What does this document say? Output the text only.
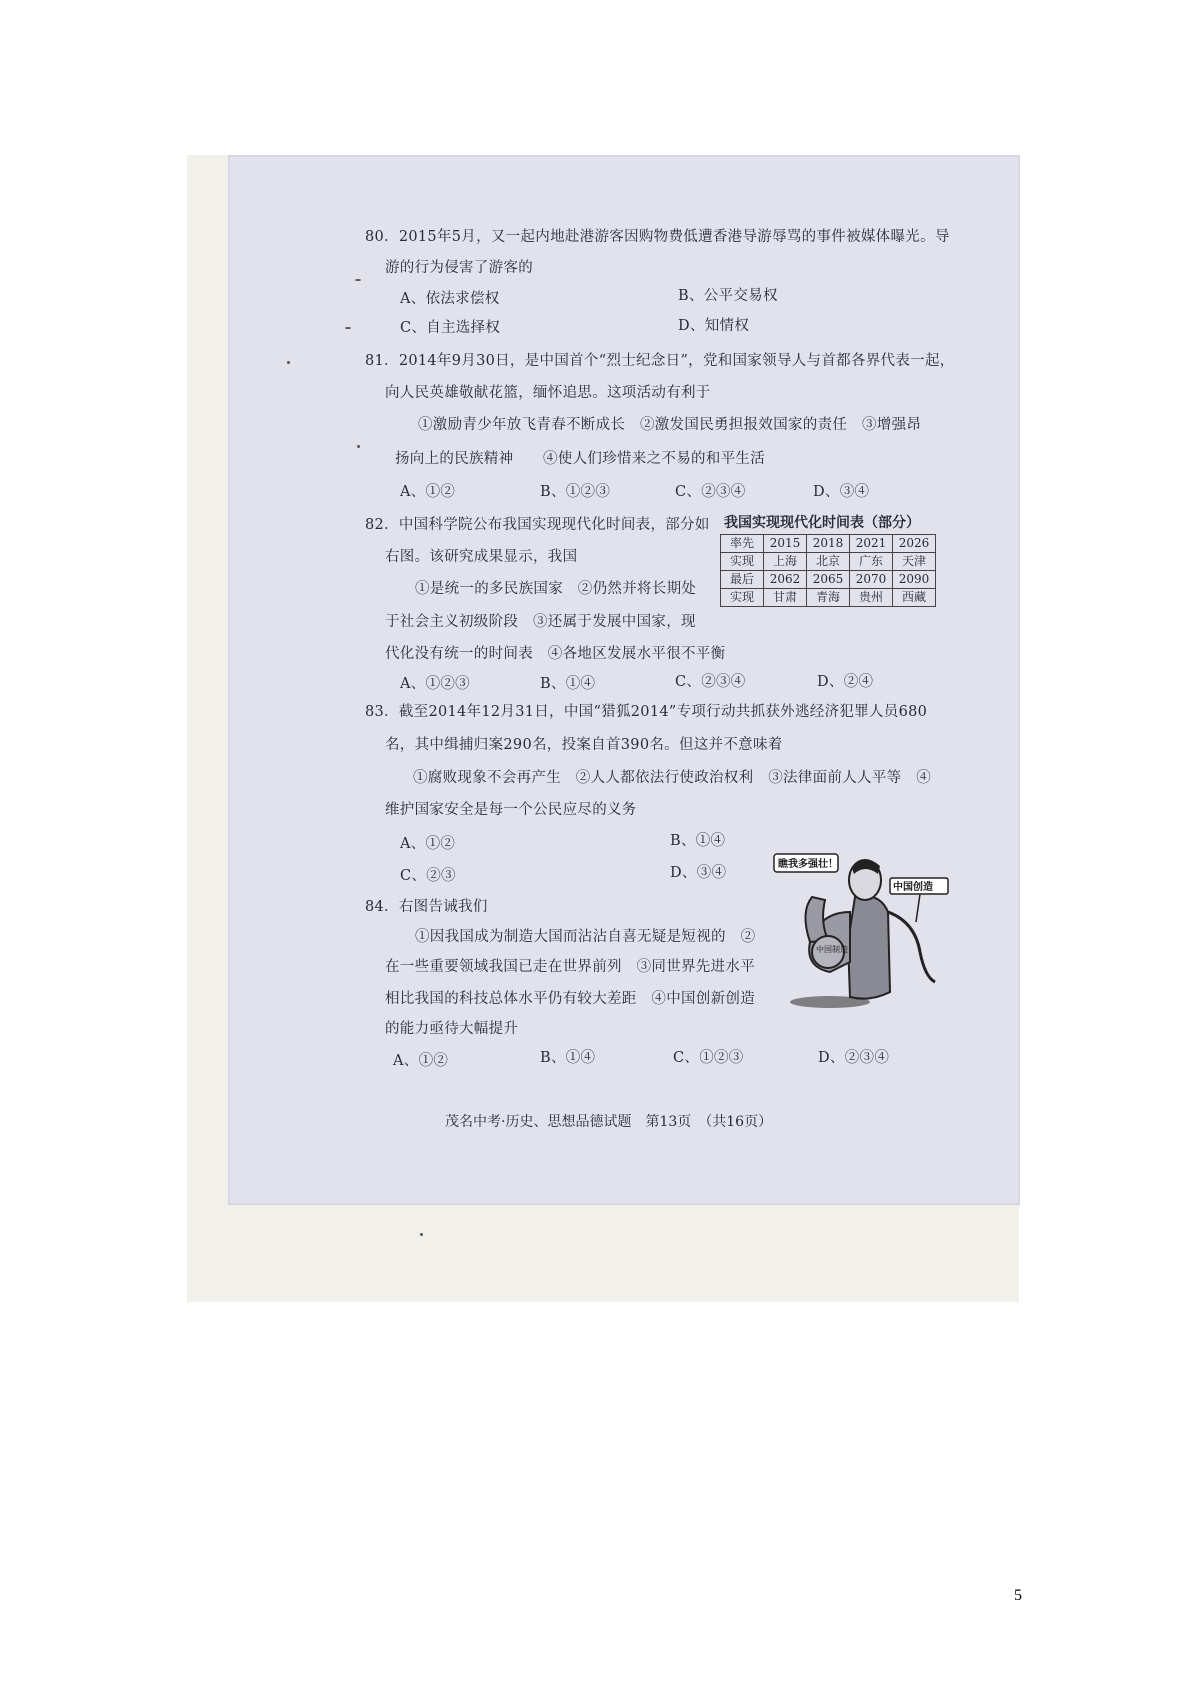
80．2015年5月，又一起内地赴港游客因购物费低遭香港导游辱骂的事件被媒体曝光。导
游的行为侵害了游客的
A、依法求偿权	B、公平交易权
C、自主选择权	D、知情权
81．2014年9月30日，是中国首个“烈士纪念日”，党和国家领导人与首都各界代表一起，
向人民英雄敬献花篮，缅怀追思。这项活动有利于
①激励青少年放飞青春不断成长　②激发国民勇担报效国家的责任　③增强昂
扬向上的民族精神　　④使人们珍惜来之不易的和平生活
A、①②	B、①②③	C、②③④	D、③④
82．中国科学院公布我国实现现代化时间表，部分如
右图。该研究成果显示，我国
①是统一的多民族国家　②仍然并将长期处
于社会主义初级阶段　③还属于发展中国家，现
代化没有统一的时间表　④各地区发展水平很不平衡
A、①②③	B、①④	C、②③④	D、②④
我国实现现代化时间表（部分）
率先	2015	2018	2021	2026
实现	上海	北京	广东	天津
最后	2062	2065	2070	2090
实现	甘肃	青海	贵州	西藏
83．截至2014年12月31日，中国“猎狐2014”专项行动共抓获外逃经济犯罪人员680
名，其中缉捕归案290名，投案自首390名。但这并不意味着
①腐败现象不会再产生　②人人都依法行使政治权利　③法律面前人人平等　④
维护国家安全是每一个公民应尽的义务
A、①②	B、①④
C、②③	D、③④
84．右图告诫我们
①因我国成为制造大国而沾沾自喜无疑是短视的　②
在一些重要领域我国已走在世界前列　③同世界先进水平
相比我国的科技总体水平仍有较大差距　④中国创新创造
的能力亟待大幅提升
A、①②	B、①④	C、①②③	D、②③④
瞧我多强壮！
中国创造
中国制造
茂名中考·历史、思想品德试题　第13页　（共16页）
5
